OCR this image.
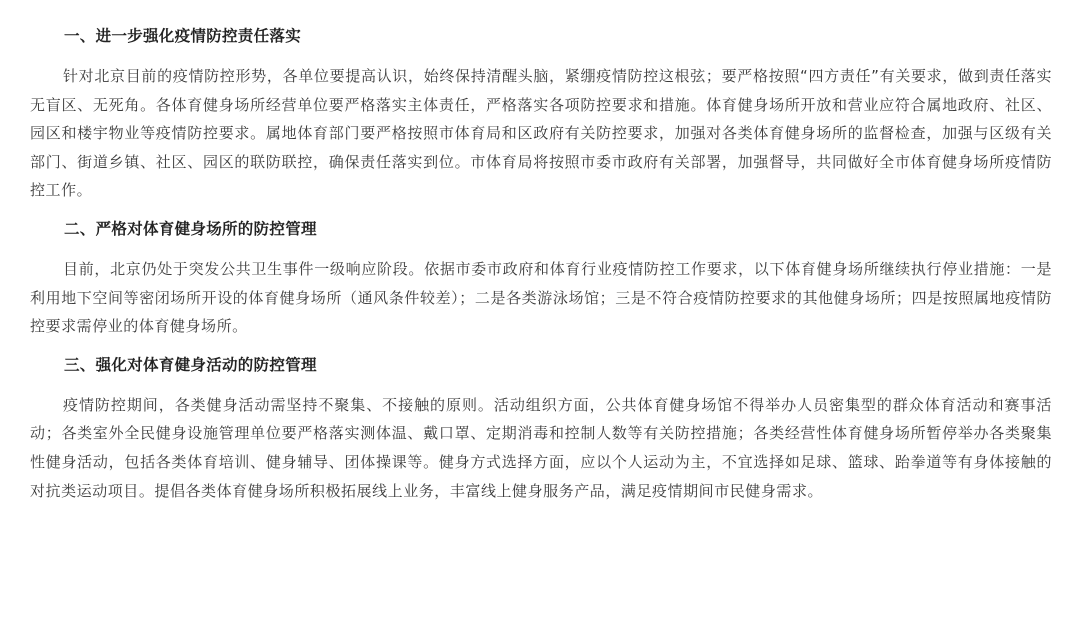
一、进一步强化疫情防控责任落实

针对北京目前的疫情防控形势，各单位要提高认识，始终保持清醒头脑，紧绷疫情防控这根弦；要严格按照“四方责任”有关要求，做到责任落实无盲区、无死角。各体育健身场所经营单位要严格落实主体责任，严格落实各项防控要求和措施。体育健身场所开放和营业应符合属地政府、社区、园区和楼宇物业等疫情防控要求。属地体育部门要严格按照市体育局和区政府有关防控要求，加强对各类体育健身场所的监督检查，加强与区级有关部门、街道乡镇、社区、园区的联防联控，确保责任落实到位。市体育局将按照市委市政府有关部署，加强督导，共同做好全市体育健身场所疫情防控工作。

二、严格对体育健身场所的防控管理

目前，北京仍处于突发公共卫生事件一级响应阶段。依据市委市政府和体育行业疫情防控工作要求，以下体育健身场所继续执行停业措施：一是利用地下空间等密闭场所开设的体育健身场所（通风条件较差）；二是各类游泳场馆；三是不符合疫情防控要求的其他健身场所；四是按照属地疫情防控要求需停业的体育健身场所。

三、强化对体育健身活动的防控管理

疫情防控期间，各类健身活动需坚持不聚集、不接触的原则。活动组织方面，公共体育健身场馆不得举办人员密集型的群众体育活动和赛事活动；各类室外全民健身设施管理单位要严格落实测体温、戴口罩、定期消毒和控制人数等有关防控措施；各类经营性体育健身场所暂停举办各类聚集性健身活动，包括各类体育培训、健身辅导、团体操课等。健身方式选择方面，应以个人运动为主，不宜选择如足球、篮球、跆拳道等有身体接触的对抗类运动项目。提倡各类体育健身场所积极拓展线上业务，丰富线上健身服务产品，满足疫情期间市民健身需求。
